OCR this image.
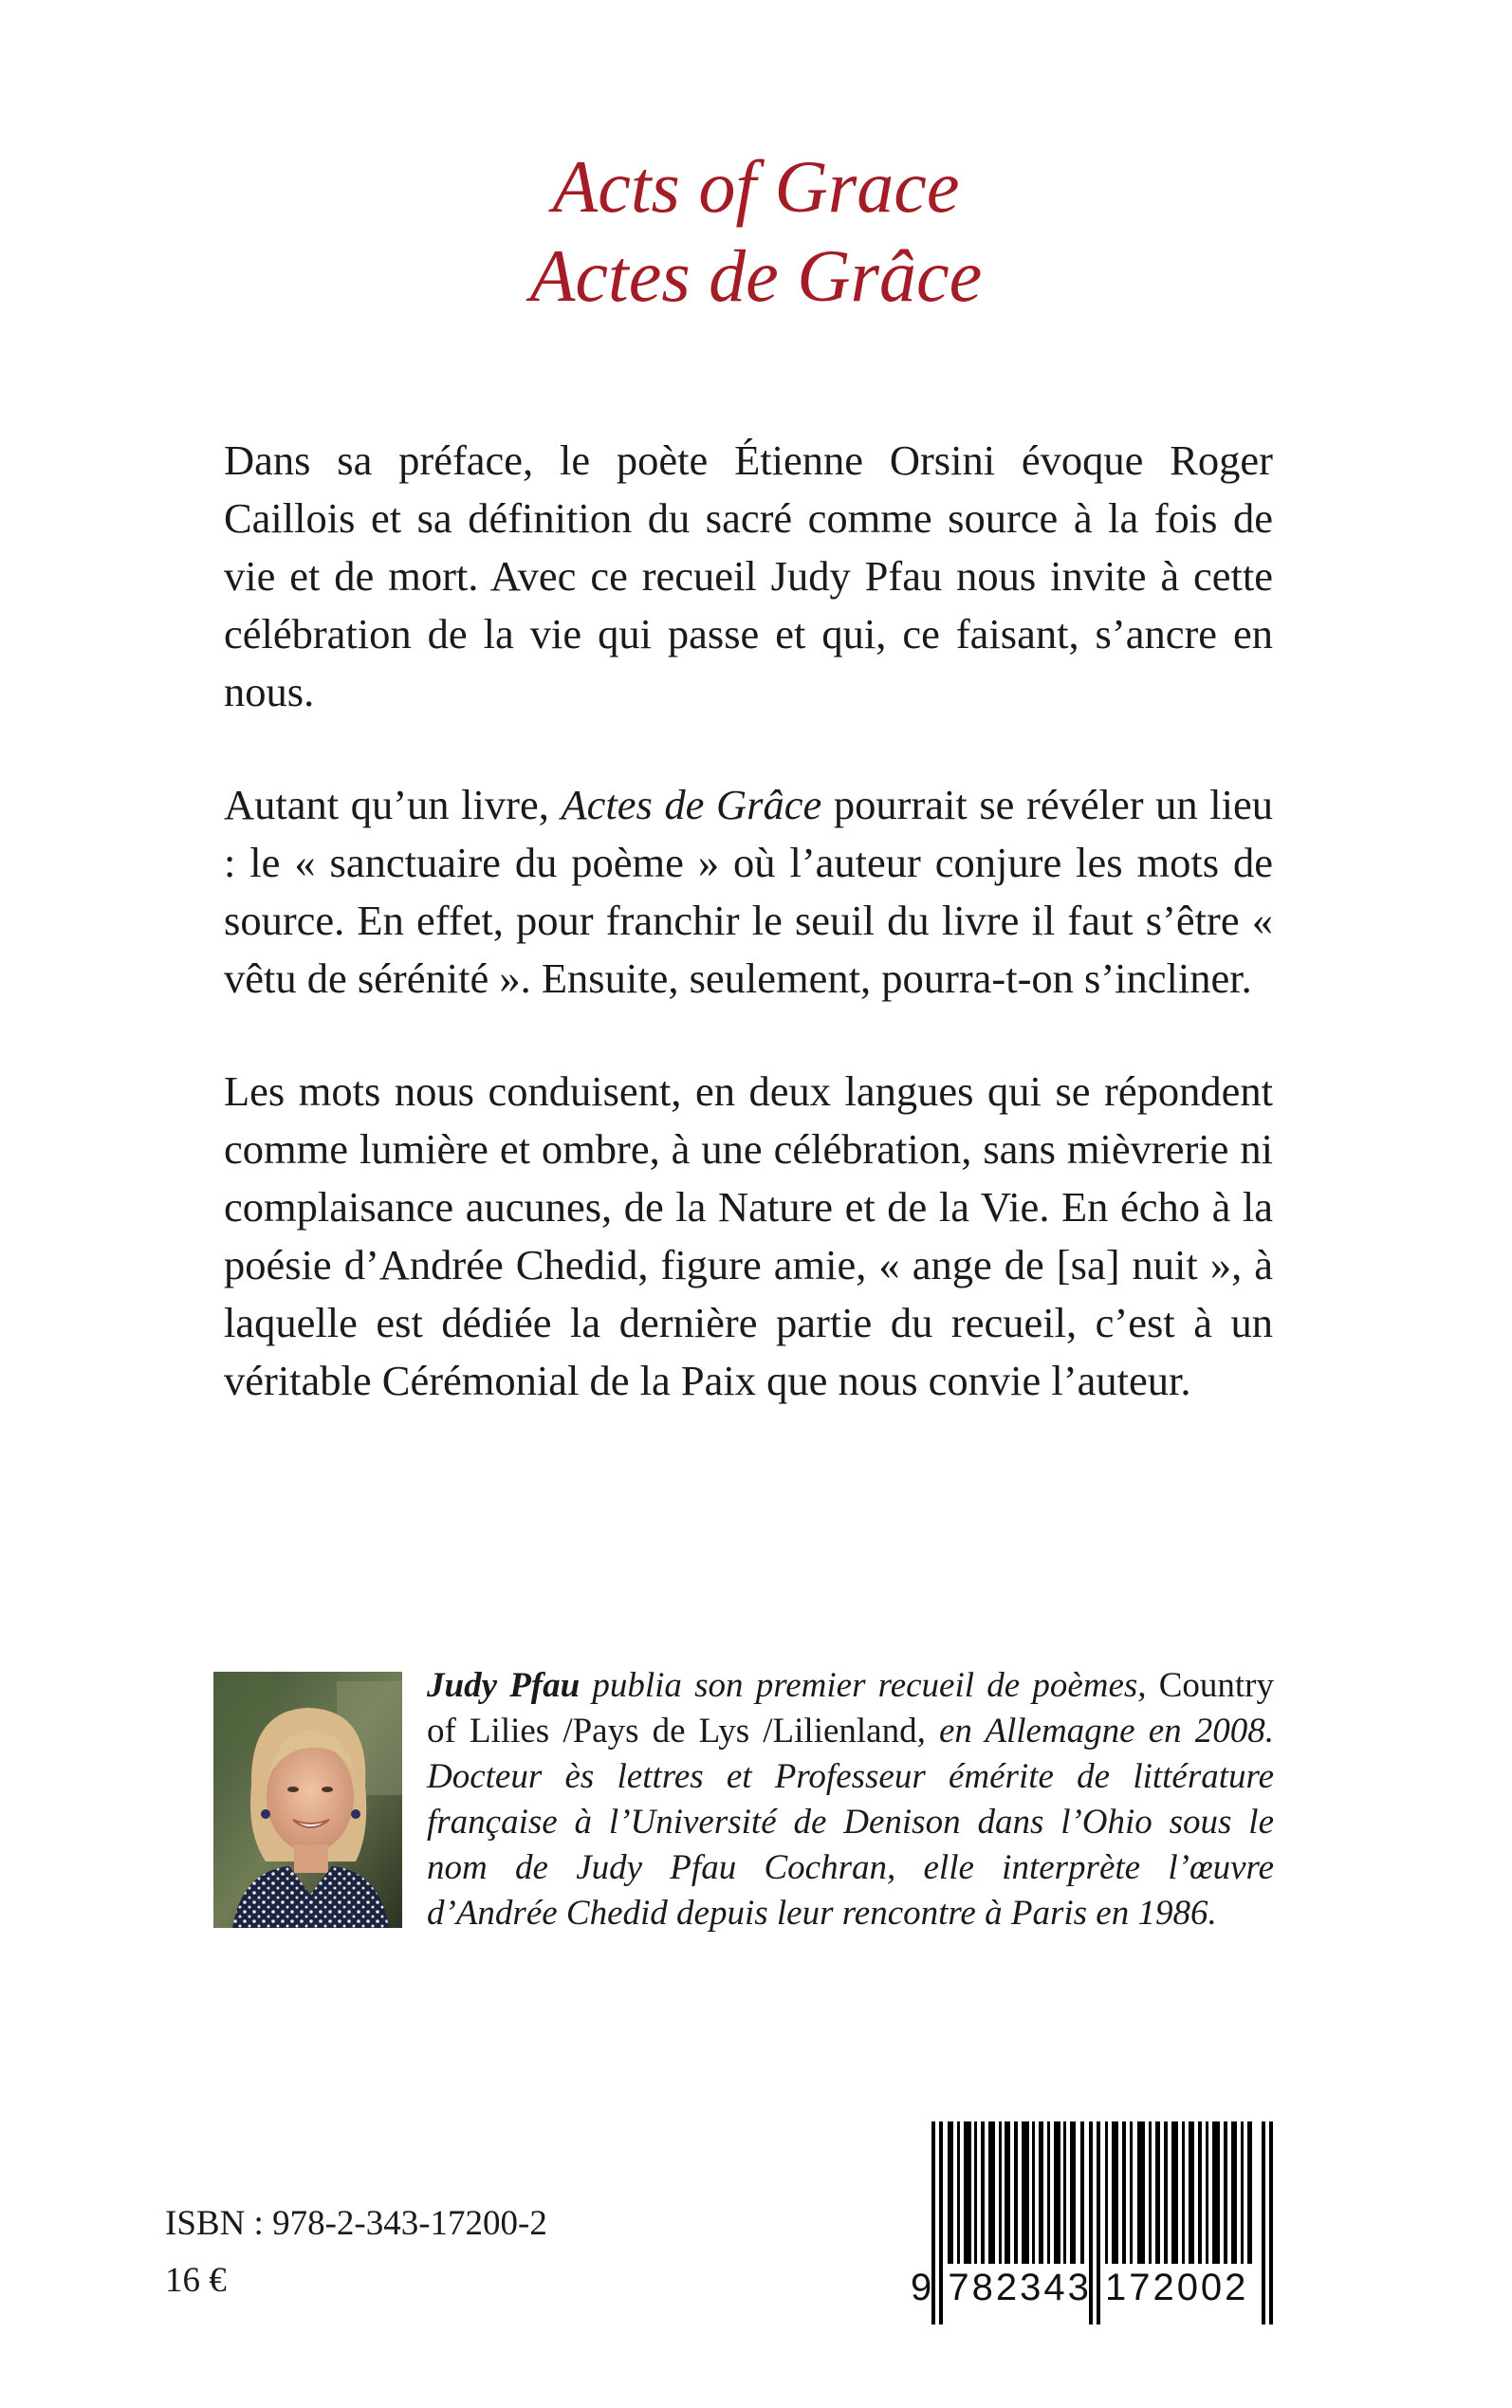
Acts of Grace
Actes de Grâce

Dans sa préface, le poète Étienne Orsini évoque Roger Caillois et sa définition du sacré comme source à la fois de vie et de mort. Avec ce recueil Judy Pfau nous invite à cette célébration de la vie qui passe et qui, ce faisant, s’ancre en nous.

Autant qu’un livre, Actes de Grâce pourrait se révéler un lieu : le « sanctuaire du poème » où l’auteur conjure les mots de source. En effet, pour franchir le seuil du livre il faut s’être « vêtu de sérénité ». Ensuite, seulement, pourra-t-on s’incliner.

Les mots nous conduisent, en deux langues qui se répondent comme lumière et ombre, à une célébration, sans mièvrerie ni complaisance aucunes, de la Nature et de la Vie. En écho à la poésie d’Andrée Chedid, figure amie, « ange de [sa] nuit », à laquelle est dédiée la dernière partie du recueil, c’est à un véritable Cérémonial de la Paix que nous convie l’auteur.

Judy Pfau publia son premier recueil de poèmes, Country of Lilies /Pays de Lys /Lilienland, en Allemagne en 2008. Docteur ès lettres et Professeur émérite de littérature française à l’Université de Denison dans l’Ohio sous le nom de Judy Pfau Cochran, elle interprète l’œuvre d’Andrée Chedid depuis leur rencontre à Paris en 1986.
ISBN : 978-2-343-17200-2
16 €	9 782343 172002
